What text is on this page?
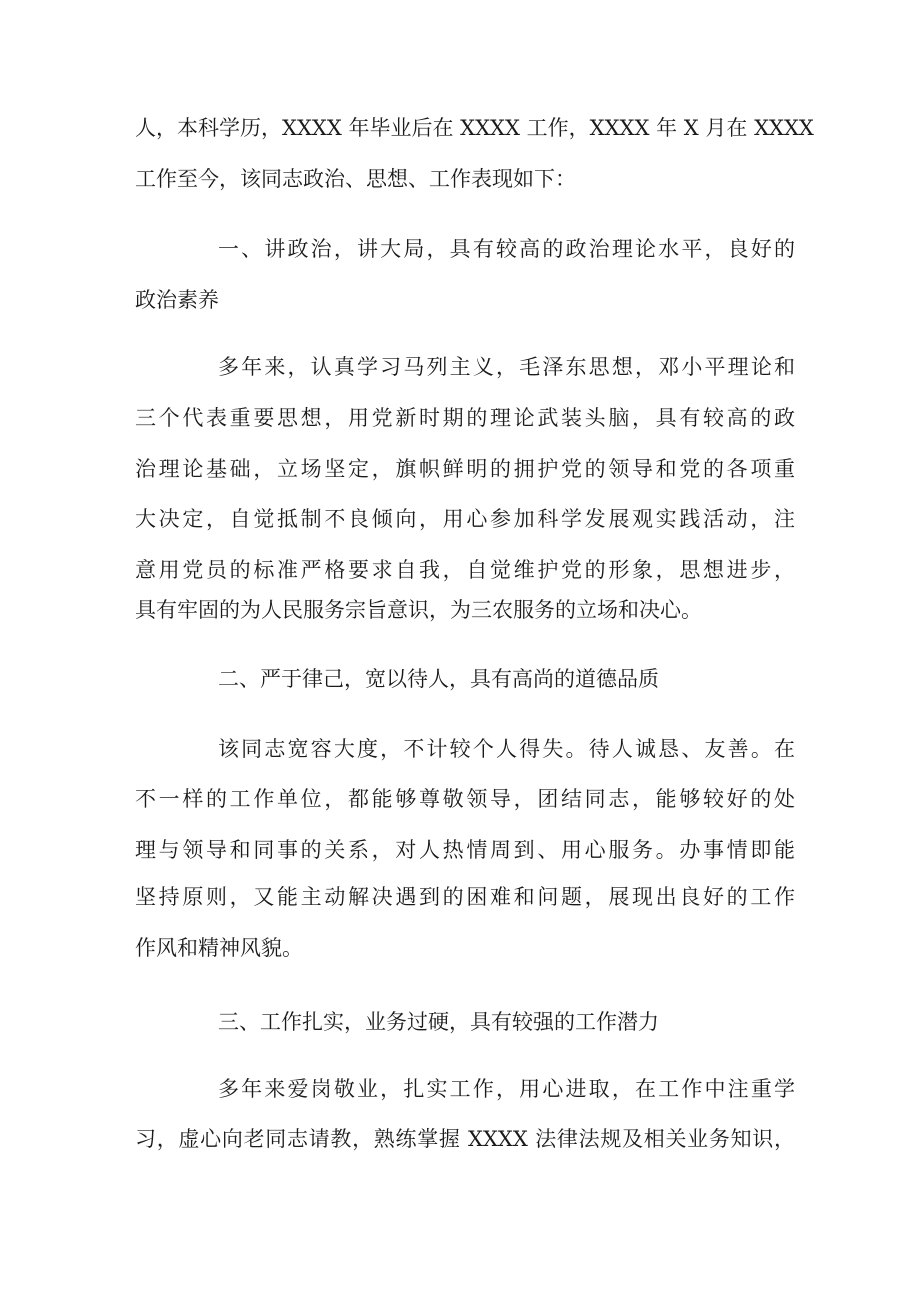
人，本科学历，XXXX 年毕业后在 XXXX 工作，XXXX 年 X 月在 XXXX
工作至今，该同志政治、思想、工作表现如下：
一、讲政治，讲大局，具有较高的政治理论水平，良好的
政治素养
多年来，认真学习马列主义，毛泽东思想，邓小平理论和
三个代表重要思想，用党新时期的理论武装头脑，具有较高的政
治理论基础，立场坚定，旗帜鲜明的拥护党的领导和党的各项重
大决定，自觉抵制不良倾向，用心参加科学发展观实践活动，注
意用党员的标准严格要求自我，自觉维护党的形象，思想进步，
具有牢固的为人民服务宗旨意识，为三农服务的立场和决心。
二、严于律己，宽以待人，具有高尚的道德品质
该同志宽容大度，不计较个人得失。待人诚恳、友善。在
不一样的工作单位，都能够尊敬领导，团结同志，能够较好的处
理与领导和同事的关系，对人热情周到、用心服务。办事情即能
坚持原则，又能主动解决遇到的困难和问题，展现出良好的工作
作风和精神风貌。
三、工作扎实，业务过硬，具有较强的工作潜力
多年来爱岗敬业，扎实工作，用心进取，在工作中注重学
习，虚心向老同志请教，熟练掌握 XXXX 法律法规及相关业务知识，
